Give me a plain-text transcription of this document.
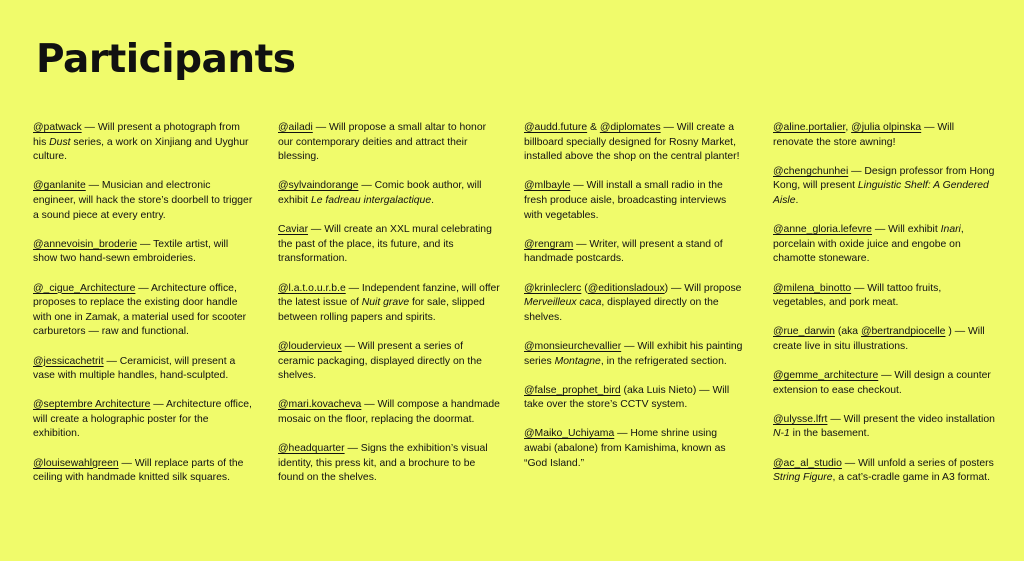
Participants

@patwack — Will present a photograph from his Dust series, a work on Xinjiang and Uyghur culture.

@ganlanite — Musician and electronic engineer, will hack the store’s doorbell to trigger a sound piece at every entry.

@annevoisin_broderie — Textile artist, will show two hand-sewn embroideries.

@_cigue_Architecture — Architecture office, proposes to replace the existing door handle with one in Zamak, a material used for scooter carburetors — raw and functional.

@jessicachetrit — Ceramicist, will present a vase with multiple handles, hand-sculpted.

@septembre Architecture — Architecture office, will create a holographic poster for the exhibition.

@louisewahlgreen — Will replace parts of the ceiling with handmade knitted silk squares.

@ailadi — Will propose a small altar to honor our contemporary deities and attract their blessing.

@sylvaindorange — Comic book author, will exhibit Le fadreau intergalactique.

Caviar — Will create an XXL mural celebrating the past of the place, its future, and its transformation.

@l.a.t.o.u.r.b.e — Independent fanzine, will offer the latest issue of Nuit grave for sale, slipped between rolling papers and spirits.

@louderviеux — Will present a series of ceramic packaging, displayed directly on the shelves.

@mari.kovacheva — Will compose a handmade mosaic on the floor, replacing the doormat.

@headquarter — Signs the exhibition’s visual identity, this press kit, and a brochure to be found on the shelves.

@audd.future & @diplomates — Will create a billboard specially designed for Rosny Market, installed above the shop on the central planter!

@mlbayle — Will install a small radio in the fresh produce aisle, broadcasting interviews with vegetables.

@rengram — Writer, will present a stand of handmade postcards.

@krinleclerc (@editionsladoux) — Will propose Merveilleux caca, displayed directly on the shelves.

@monsieurchevallier — Will exhibit his painting series Montagne, in the refrigerated section.

@false_prophet_bird (aka Luis Nieto) — Will take over the store’s CCTV system.

@Maiko_Uchiyama — Home shrine using awabi (abalone) from Kamishima, known as “God Island.”

@aline.portalier, @julia olpinska — Will renovate the store awning!

@chengchunhei — Design professor from Hong Kong, will present Linguistic Shelf: A Gendered Aisle.

@anne_gloria.lefevre — Will exhibit Inari, porcelain with oxide juice and engobe on chamotte stoneware.

@milena_binotto — Will tattoo fruits, vegetables, and pork meat.

@rue_darwin (aka @bertrandpiocelle ) — Will create live in situ illustrations.

@gemme_architecture — Will design a counter extension to ease checkout.

@ulysse.lfrt — Will present the video installation N-1 in the basement.

@ac_al_studio — Will unfold a series of posters String Figure, a cat’s-cradle game in A3 format.
